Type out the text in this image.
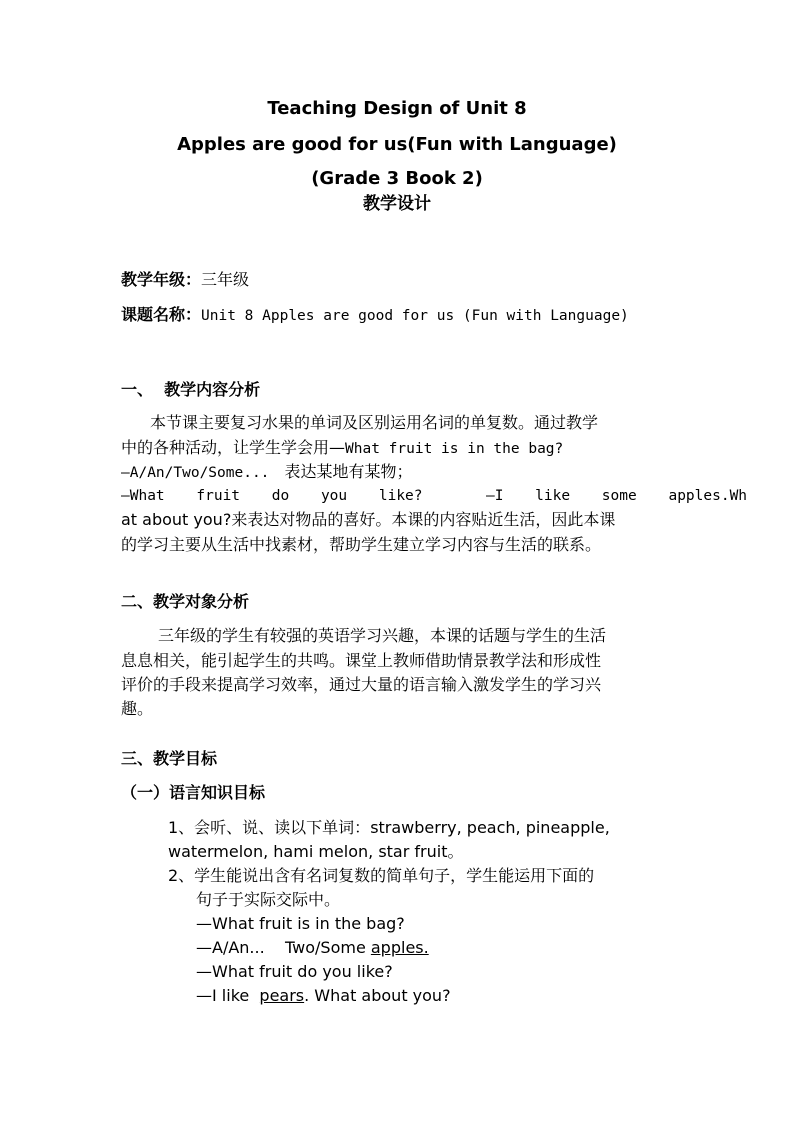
Teaching Design of Unit 8
Apples are good for us(Fun with Language)
(Grade 3 Book 2)
教学设计
教学年级：三年级
课题名称：Unit 8 Apples are good for us (Fun with Language)
一、  教学内容分析
本节课主要复习水果的单词及区别运用名词的单复数。通过教学
中的各种活动，让学生学会用—What fruit is in the bag?
—A/An/Two/Some... 表达某地有某物；
—What fruit do you like?  —I like some apples.Wh
at about you?来表达对物品的喜好。本课的内容贴近生活，因此本课
的学习主要从生活中找素材，帮助学生建立学习内容与生活的联系。
二、教学对象分析
三年级的学生有较强的英语学习兴趣，本课的话题与学生的生活
息息相关，能引起学生的共鸣。课堂上教师借助情景教学法和形成性
评价的手段来提高学习效率，通过大量的语言输入激发学生的学习兴
趣。
三、教学目标
（一）语言知识目标
1、会听、说、读以下单词：strawberry, peach, pineapple,
watermelon, hami melon, star fruit。
2、学生能说出含有名词复数的简单句子，学生能运用下面的
句子于实际交际中。
—What fruit is in the bag?
—A/An...    Two/Some apples.
—What fruit do you like?
—I like  pears. What about you?
